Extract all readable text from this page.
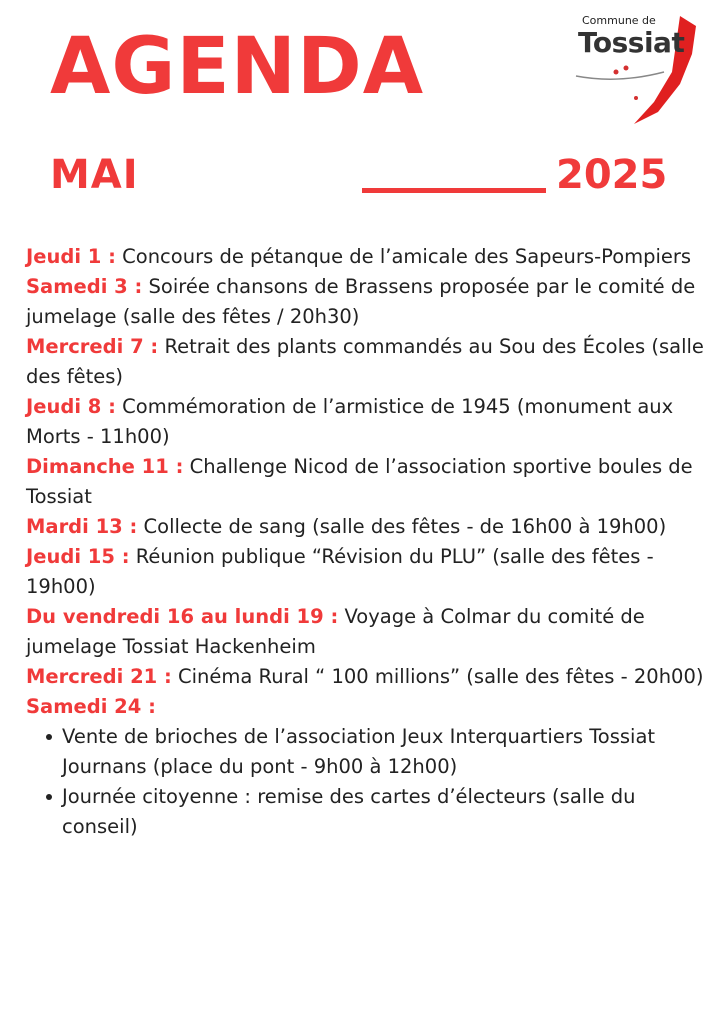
AGENDA
Commune de
Tossiat
MAI	2025

Jeudi 1 : Concours de pétanque de l’amicale des Sapeurs-Pompiers

Samedi 3 : Soirée chansons de Brassens proposée par le comité de jumelage (salle des fêtes / 20h30)

Mercredi 7 : Retrait des plants commandés au Sou des Écoles (salle des fêtes)

Jeudi 8 : Commémoration de l’armistice de 1945 (monument aux Morts - 11h00)

Dimanche 11 : Challenge Nicod de l’association sportive boules de Tossiat

Mardi 13 : Collecte de sang (salle des fêtes - de 16h00 à 19h00)

Jeudi 15 : Réunion publique “Révision du PLU” (salle des fêtes - 19h00)

Du vendredi 16 au lundi 19 : Voyage à Colmar du comité de jumelage Tossiat Hackenheim

Mercredi 21 : Cinéma Rural “ 100 millions” (salle des fêtes - 20h00)

Samedi 24 :

Vente de brioches de l’association Jeux Interquartiers Tossiat Journans (place du pont - 9h00 à 12h00)
Journée citoyenne : remise des cartes d’électeurs (salle du conseil)
